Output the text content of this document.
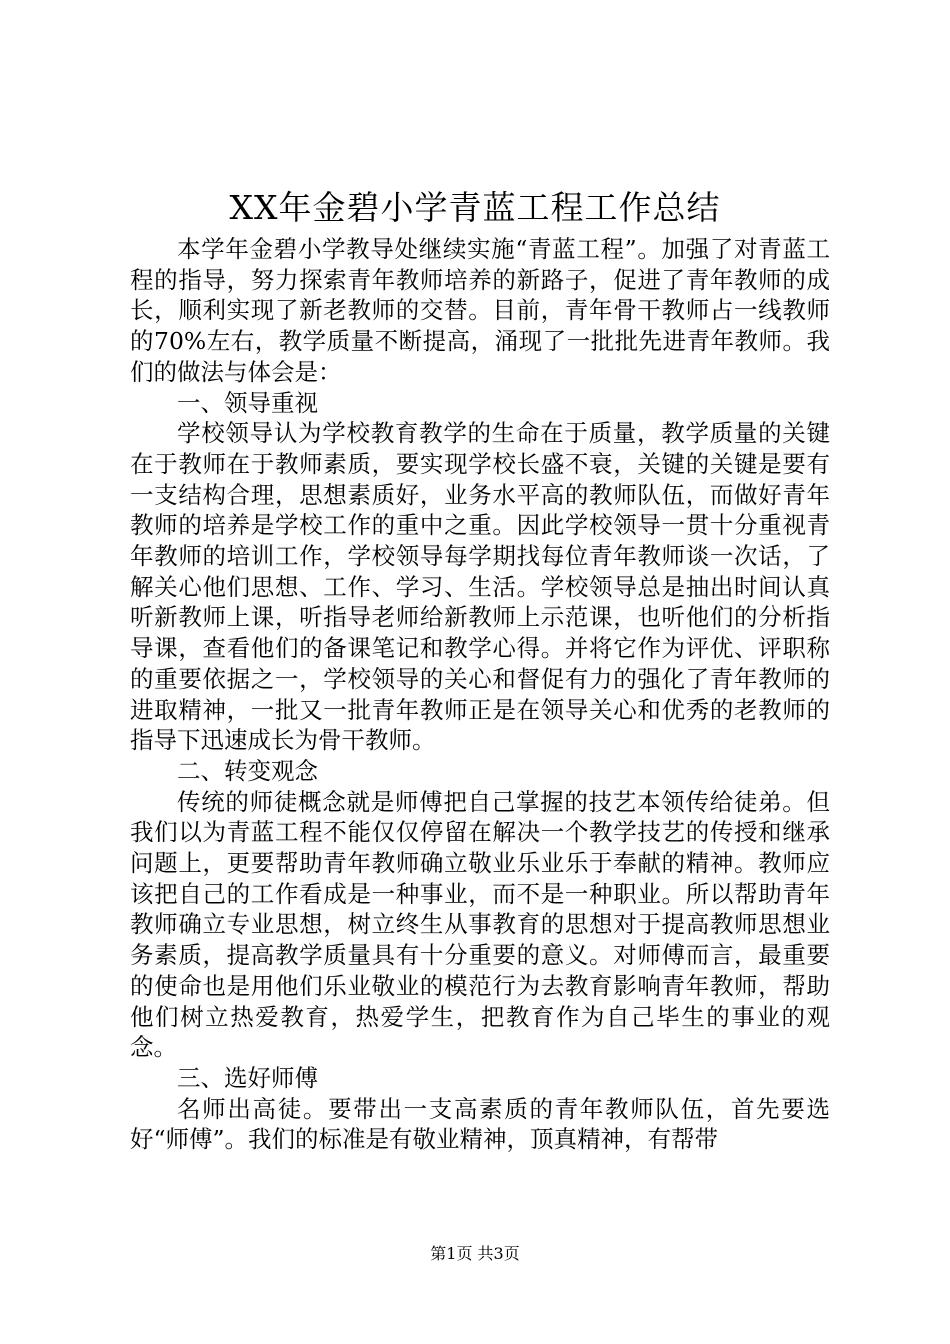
XX年金碧小学青蓝工程工作总结

本学年金碧小学教导处继续实施“青蓝工程”。加强了对青蓝工程的指导，努力探索青年教师培养的新路子，促进了青年教师的成长，顺利实现了新老教师的交替。目前，青年骨干教师占一线教师的70%左右，教学质量不断提高，涌现了一批批先进青年教师。我们的做法与体会是：

一、领导重视

学校领导认为学校教育教学的生命在于质量，教学质量的关键在于教师在于教师素质，要实现学校长盛不衰，关键的关键是要有一支结构合理，思想素质好，业务水平高的教师队伍，而做好青年教师的培养是学校工作的重中之重。因此学校领导一贯十分重视青年教师的培训工作，学校领导每学期找每位青年教师谈一次话，了解关心他们思想、工作、学习、生活。学校领导总是抽出时间认真听新教师上课，听指导老师给新教师上示范课，也听他们的分析指导课，查看他们的备课笔记和教学心得。并将它作为评优、评职称的重要依据之一，学校领导的关心和督促有力的强化了青年教师的进取精神，一批又一批青年教师正是在领导关心和优秀的老教师的指导下迅速成长为骨干教师。

二、转变观念

传统的师徒概念就是师傅把自己掌握的技艺本领传给徒弟。但我们以为青蓝工程不能仅仅停留在解决一个教学技艺的传授和继承问题上，更要帮助青年教师确立敬业乐业乐于奉献的精神。教师应该把自己的工作看成是一种事业，而不是一种职业。所以帮助青年教师确立专业思想，树立终生从事教育的思想对于提高教师思想业务素质，提高教学质量具有十分重要的意义。对师傅而言，最重要的使命也是用他们乐业敬业的模范行为去教育影响青年教师，帮助他们树立热爱教育，热爱学生，把教育作为自己毕生的事业的观念。

三、选好师傅

名师出高徒。要带出一支高素质的青年教师队伍，首先要选好“师傅”。我们的标准是有敬业精神，顶真精神，有帮带

第1页 共3页
